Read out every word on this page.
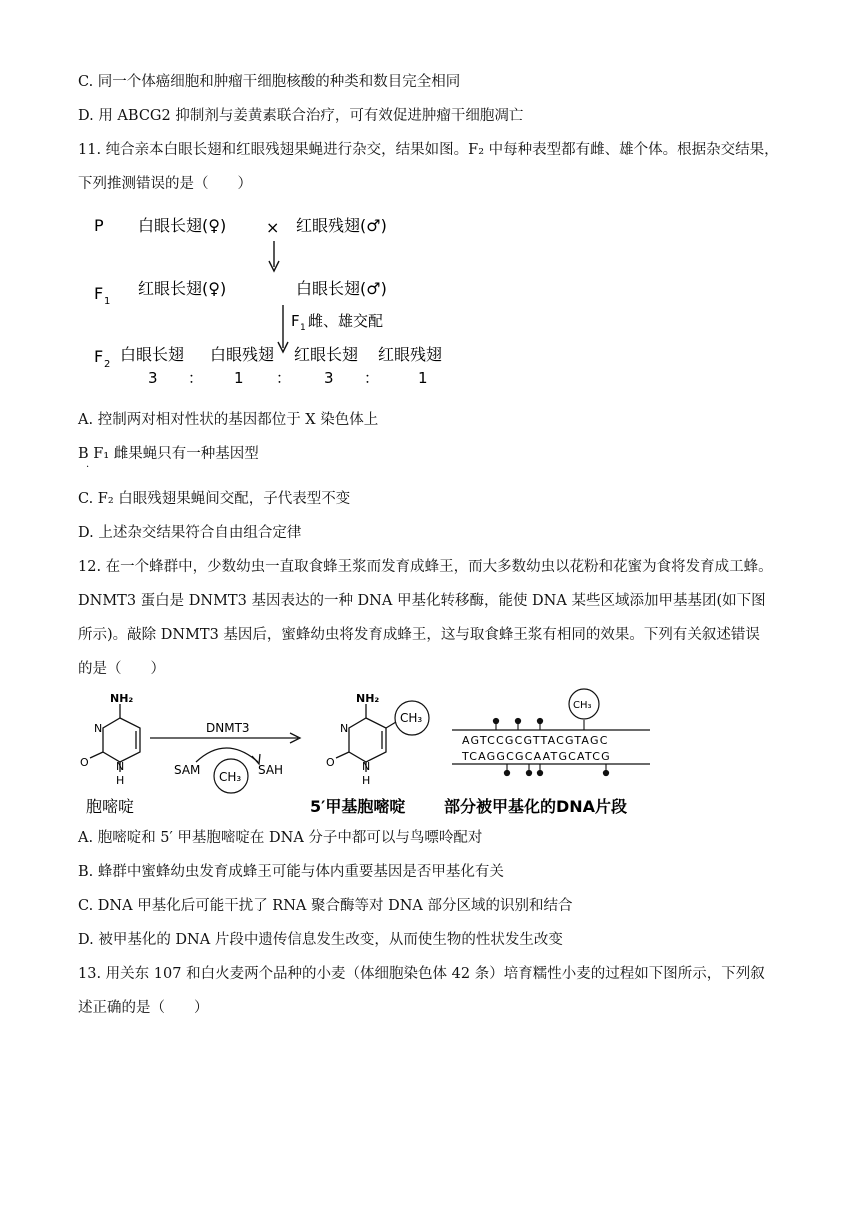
C. 同一个体癌细胞和肿瘤干细胞核酸的种类和数目完全相同
D. 用 ABCG2 抑制剂与姜黄素联合治疗，可有效促进肿瘤干细胞凋亡
11. 纯合亲本白眼长翅和红眼残翅果蝇进行杂交，结果如图。F₂ 中每种表型都有雌、雄个体。根据杂交结果，
下列推测错误的是（　　）
P 白眼长翅(♀) × 红眼残翅(♂)
F 1
红眼长翅(♀)	白眼长翅(♂)
F 1 雌、雄交配
F 2
白眼长翅 白眼残翅 红眼长翅 红眼残翅
3 ： 1 ： 3 ：	1
A. 控制两对相对性状的基因都位于 X 染色体上
B F₁ 雌果蝇只有一种基因型
·
C. F₂ 白眼残翅果蝇间交配，子代表型不变
D. 上述杂交结果符合自由组合定律
12. 在一个蜂群中，少数幼虫一直取食蜂王浆而发育成蜂王，而大多数幼虫以花粉和花蜜为食将发育成工蜂。
DNMT3 蛋白是 DNMT3 基因表达的一种 DNA 甲基化转移酶，能使 DNA 某些区域添加甲基基团(如下图
所示)。敲除 DNMT3 基因后，蜜蜂幼虫将发育成蜂王，这与取食蜂王浆有相同的效果。下列有关叙述错误
的是（　　）
NH₂
N
O N
H
DNMT3
SAM	SAH
CH₃
NH₂
N
O N
H
CH₃
AGTCCGCGTTACGTAGC
TCAGGCGCAATGCATCG
CH₃
胞嘧啶	5′甲基胞嘧啶 部分被甲基化的DNA片段
A. 胞嘧啶和 5′ 甲基胞嘧啶在 DNA 分子中都可以与鸟嘌呤配对
B. 蜂群中蜜蜂幼虫发育成蜂王可能与体内重要基因是否甲基化有关
C. DNA 甲基化后可能干扰了 RNA 聚合酶等对 DNA 部分区域的识别和结合
D. 被甲基化的 DNA 片段中遗传信息发生改变，从而使生物的性状发生改变
13. 用关东 107 和白火麦两个品种的小麦（体细胞染色体 42 条）培育糯性小麦的过程如下图所示，下列叙
述正确的是（　　）
